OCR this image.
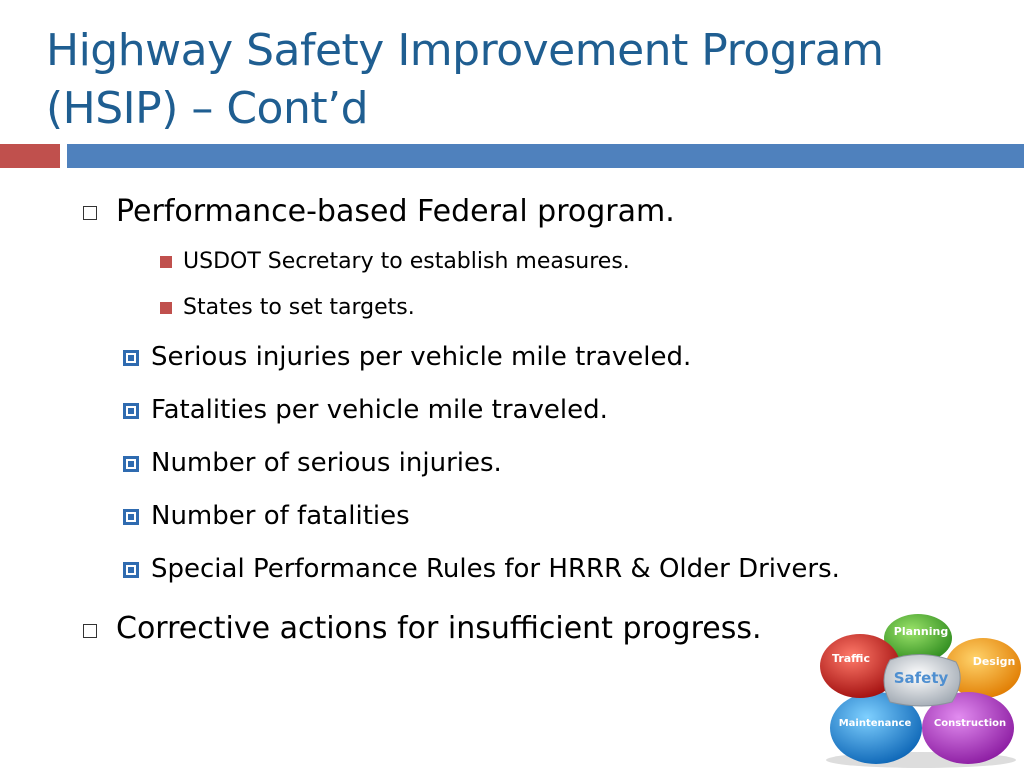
Highway Safety Improvement Program
(HSIP) – Cont’d
Performance-based Federal program.
USDOT Secretary to establish measures.
States to set targets.
Serious injuries per vehicle mile traveled.
Fatalities per vehicle mile traveled.
Number of serious injuries.
Number of fatalities
Special Performance Rules for HRRR & Older Drivers.
Corrective actions for insufficient progress.	Planning
Design
Construction
Maintenance
Traffic
Safety
